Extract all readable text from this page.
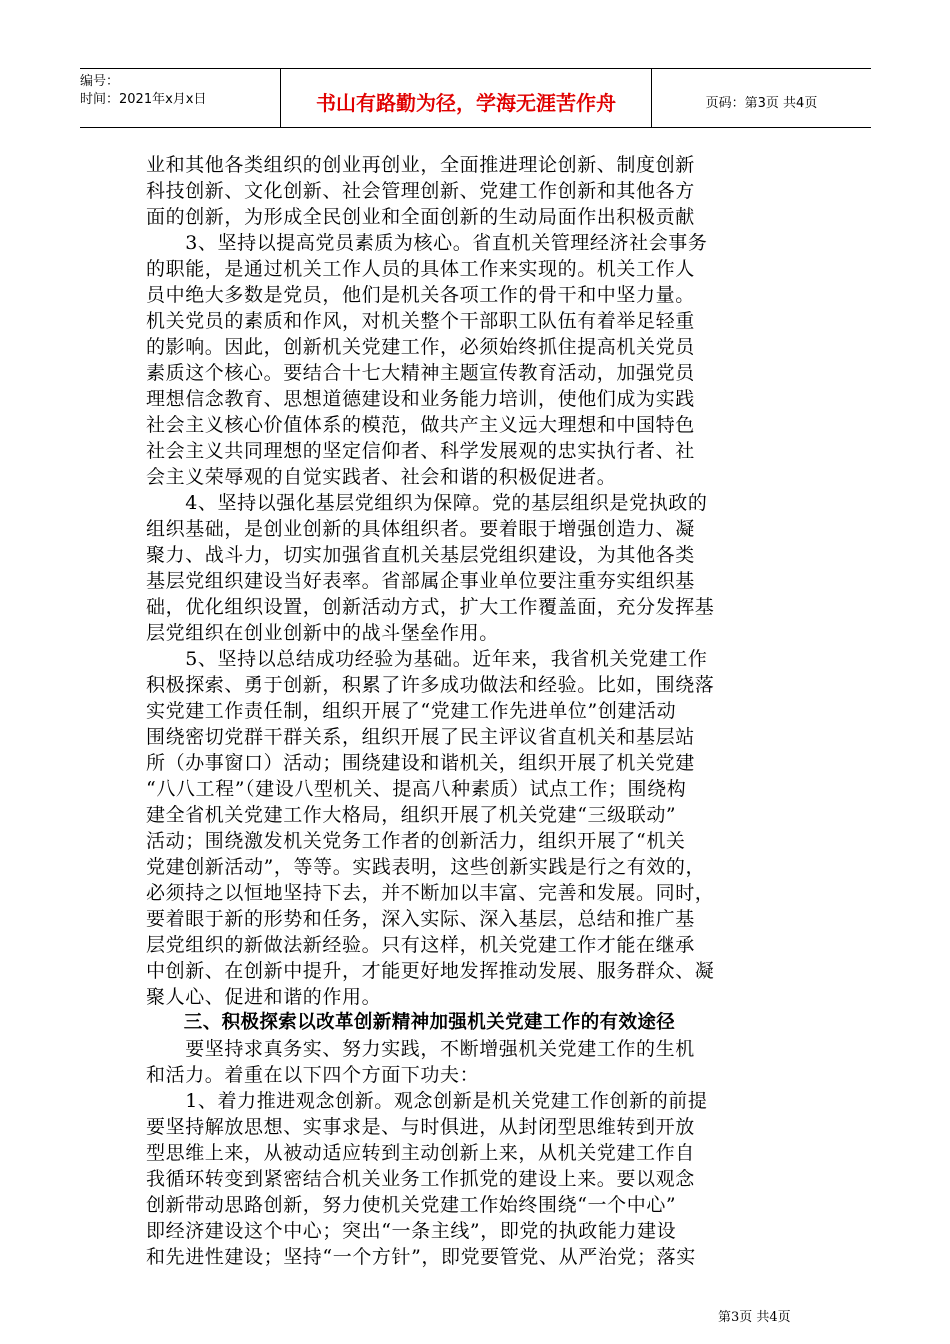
编号：
时间：2021年x月x日	书山有路勤为径，学海无涯苦作舟	页码：第3页 共4页
业和其他各类组织的创业再创业，全面推进理论创新、制度创新
科技创新、文化创新、社会管理创新、党建工作创新和其他各方
面的创新，为形成全民创业和全面创新的生动局面作出积极贡献
　　3、坚持以提高党员素质为核心。省直机关管理经济社会事务
的职能，是通过机关工作人员的具体工作来实现的。机关工作人
员中绝大多数是党员，他们是机关各项工作的骨干和中坚力量。
机关党员的素质和作风，对机关整个干部职工队伍有着举足轻重
的影响。因此，创新机关党建工作，必须始终抓住提高机关党员
素质这个核心。要结合十七大精神主题宣传教育活动，加强党员
理想信念教育、思想道德建设和业务能力培训，使他们成为实践
社会主义核心价值体系的模范，做共产主义远大理想和中国特色
社会主义共同理想的坚定信仰者、科学发展观的忠实执行者、社
会主义荣辱观的自觉实践者、社会和谐的积极促进者。
　　4、坚持以强化基层党组织为保障。党的基层组织是党执政的
组织基础，是创业创新的具体组织者。要着眼于增强创造力、凝
聚力、战斗力，切实加强省直机关基层党组织建设，为其他各类
基层党组织建设当好表率。省部属企事业单位要注重夯实组织基
础，优化组织设置，创新活动方式，扩大工作覆盖面，充分发挥基
层党组织在创业创新中的战斗堡垒作用。
　　5、坚持以总结成功经验为基础。近年来，我省机关党建工作
积极探索、勇于创新，积累了许多成功做法和经验。比如，围绕落
实党建工作责任制，组织开展了“党建工作先进单位”创建活动
围绕密切党群干群关系，组织开展了民主评议省直机关和基层站
所（办事窗口）活动；围绕建设和谐机关，组织开展了机关党建
“八八工程”（建设八型机关、提高八种素质）试点工作；围绕构
建全省机关党建工作大格局，组织开展了机关党建“三级联动”
活动；围绕激发机关党务工作者的创新活力，组织开展了“机关
党建创新活动”，等等。实践表明，这些创新实践是行之有效的，
必须持之以恒地坚持下去，并不断加以丰富、完善和发展。同时，
要着眼于新的形势和任务，深入实际、深入基层，总结和推广基
层党组织的新做法新经验。只有这样，机关党建工作才能在继承
中创新、在创新中提升，才能更好地发挥推动发展、服务群众、凝
聚人心、促进和谐的作用。
　　三、积极探索以改革创新精神加强机关党建工作的有效途径
　　要坚持求真务实、努力实践，不断增强机关党建工作的生机
和活力。着重在以下四个方面下功夫：
　　1、着力推进观念创新。观念创新是机关党建工作创新的前提
要坚持解放思想、实事求是、与时俱进，从封闭型思维转到开放
型思维上来，从被动适应转到主动创新上来，从机关党建工作自
我循环转变到紧密结合机关业务工作抓党的建设上来。要以观念
创新带动思路创新，努力使机关党建工作始终围绕“一个中心”
即经济建设这个中心；突出“一条主线”，即党的执政能力建设
和先进性建设；坚持“一个方针”，即党要管党、从严治党；落实
第3页 共4页
